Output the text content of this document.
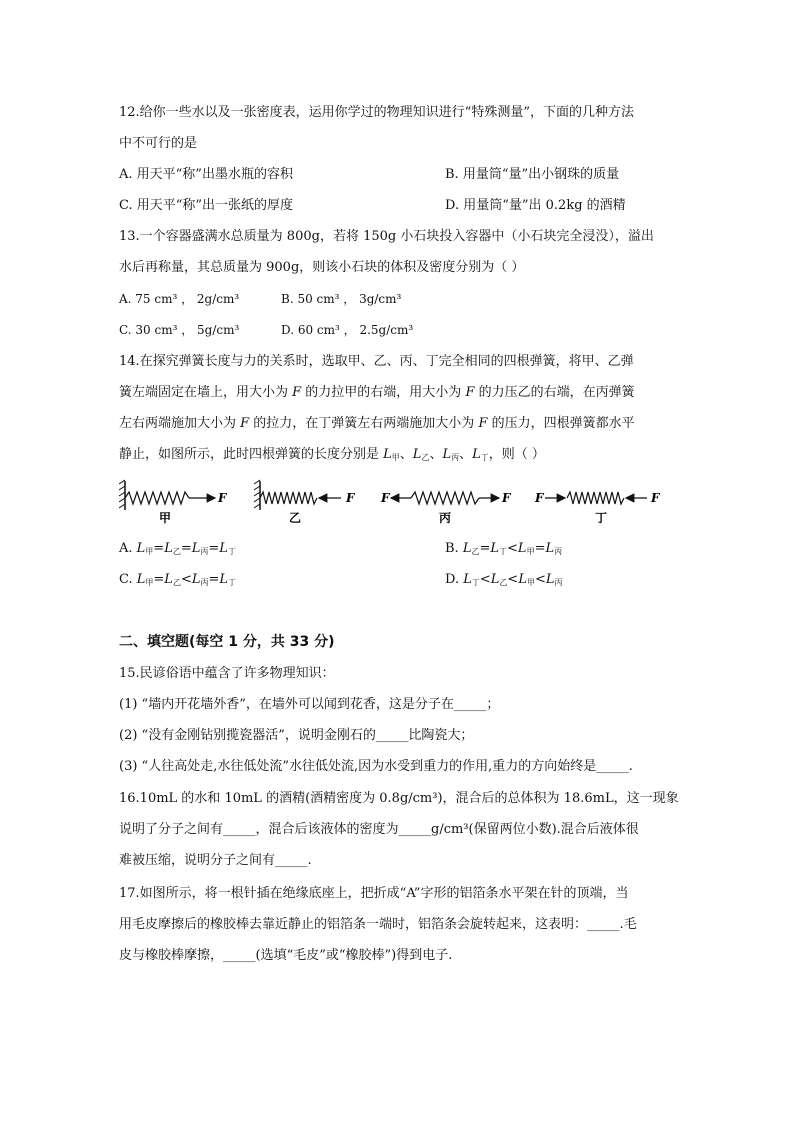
12.给你一些水以及一张密度表，运用你学过的物理知识进行“特殊测量”，下面的几种方法
中不可行的是
A. 用天平“称”出墨水瓶的容积	B. 用量筒“量”出小钢珠的质量
C. 用天平“称”出一张纸的厚度	D. 用量筒“量”出 0.2kg 的酒精
13.一个容器盛满水总质量为 800g，若将 150g 小石块投入容器中（小石块完全浸没），溢出
水后再称量，其总质量为 900g，则该小石块的体积及密度分别为（ ）
A. 75 cm³ ， 2g/cm³	B. 50 cm³ ， 3g/cm³
C. 30 cm³ ， 5g/cm³	D. 60 cm³ ， 2.5g/cm³
14.在探究弹簧长度与力的关系时，选取甲、乙、丙、丁完全相同的四根弹簧，将甲、乙弹
簧左端固定在墙上，用大小为 F 的力拉甲的右端，用大小为 F 的力压乙的右端，在丙弹簧
左右两端施加大小为 F 的拉力，在丁弹簧左右两端施加大小为 F 的压力，四根弹簧都水平
静止，如图所示，此时四根弹簧的长度分别是 $L_甲$、$L_乙$、$L_丙$、$L_丁$，则（ ）
F
甲
F
乙
F	F
丙
F	F
丁
A. $L_甲=L_乙=L_丙=L_丁$	B. $L_乙=L_丁<L_甲=L_丙$
C. $L_甲=L_乙<L_丙=L_丁$	D. $L_丁<L_乙<L_甲<L_丙$
二、填空题(每空 1 分，共 33 分)
15.民谚俗语中蕴含了许多物理知识：
(1) “墙内开花墙外香”，在墙外可以闻到花香，这是分子在_____；
(2) “没有金刚钻别揽瓷器活”，说明金刚石的_____比陶瓷大；
(3) “人往高处走,水往低处流”水往低处流,因为水受到重力的作用,重力的方向始终是_____.
16.10mL 的水和 10mL 的酒精(酒精密度为 0.8g/cm³)，混合后的总体积为 18.6mL，这一现象
说明了分子之间有_____，混合后该液体的密度为_____g/cm³(保留两位小数).混合后液体很
难被压缩，说明分子之间有_____.
17.如图所示，将一根针插在绝缘底座上，把折成“A”字形的铝箔条水平架在针的顶端，当
用毛皮摩擦后的橡胶棒去靠近静止的铝箔条一端时，铝箔条会旋转起来，这表明：_____.毛
皮与橡胶棒摩擦，_____(选填“毛皮”或“橡胶棒”)得到电子.
